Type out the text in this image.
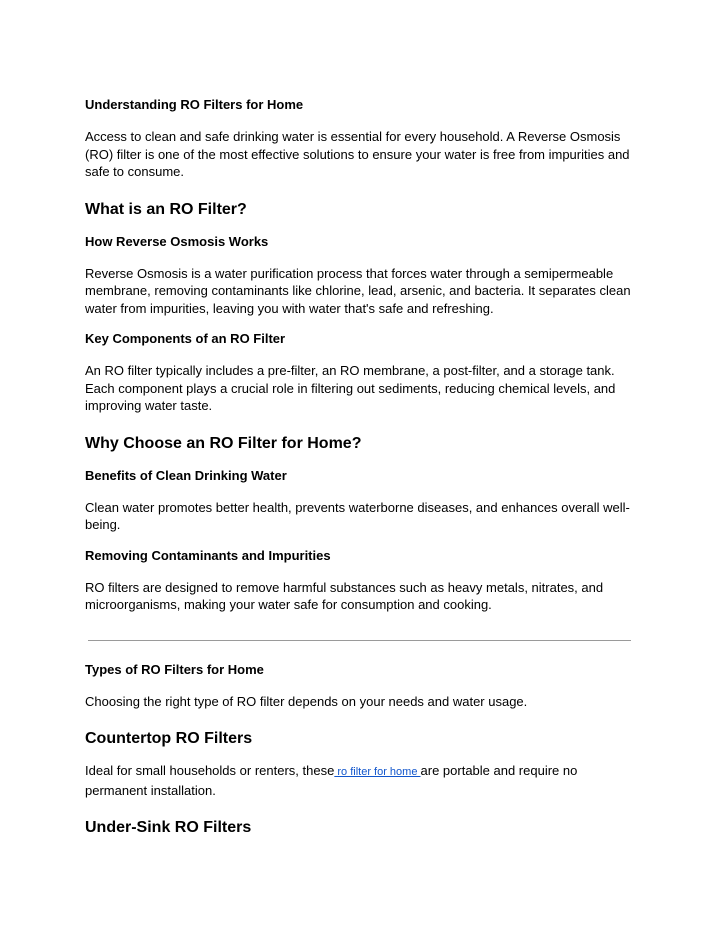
Understanding RO Filters for Home

Access to clean and safe drinking water is essential for every household. A Reverse Osmosis (RO) filter is one of the most effective solutions to ensure your water is free from impurities and safe to consume.

What is an RO Filter?

How Reverse Osmosis Works

Reverse Osmosis is a water purification process that forces water through a semipermeable membrane, removing contaminants like chlorine, lead, arsenic, and bacteria. It separates clean water from impurities, leaving you with water that's safe and refreshing.

Key Components of an RO Filter

An RO filter typically includes a pre-filter, an RO membrane, a post-filter, and a storage tank. Each component plays a crucial role in filtering out sediments, reducing chemical levels, and improving water taste.

Why Choose an RO Filter for Home?

Benefits of Clean Drinking Water

Clean water promotes better health, prevents waterborne diseases, and enhances overall well-being.

Removing Contaminants and Impurities

RO filters are designed to remove harmful substances such as heavy metals, nitrates, and microorganisms, making your water safe for consumption and cooking.

Types of RO Filters for Home

Choosing the right type of RO filter depends on your needs and water usage.

Countertop RO Filters

Ideal for small households or renters, these ro filter for home are portable and require no permanent installation.

Under-Sink RO Filters
